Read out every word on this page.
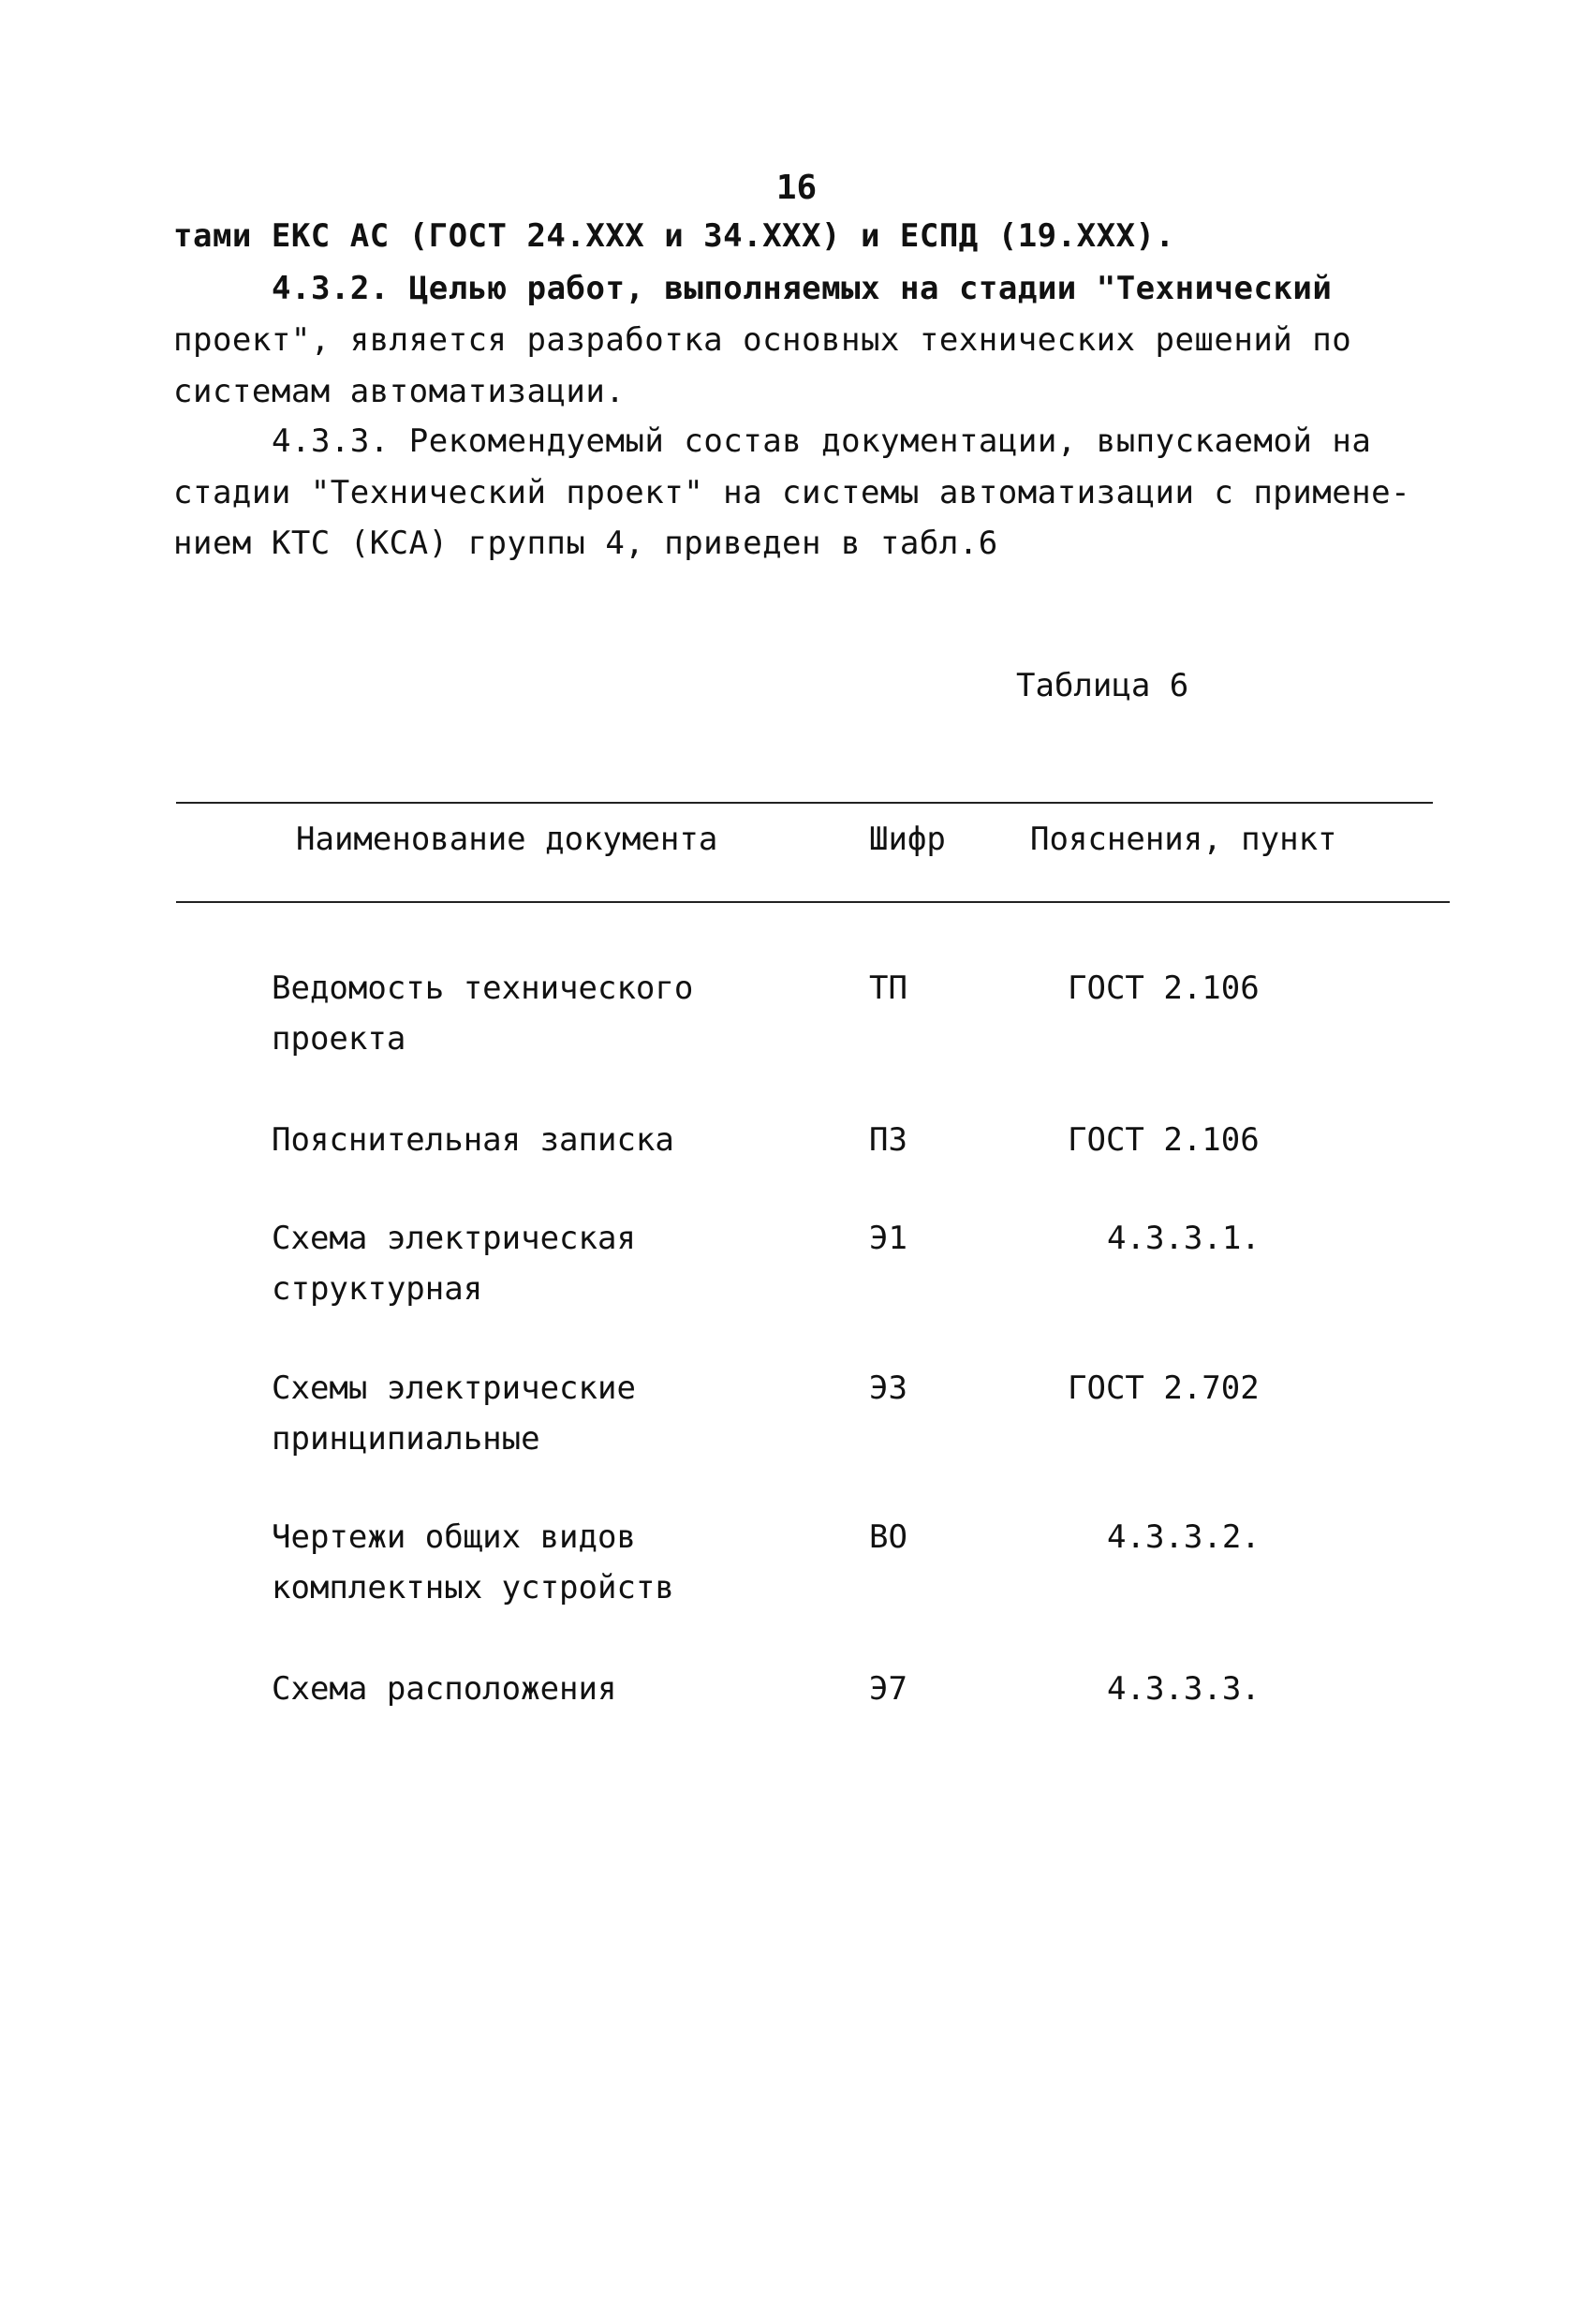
16
тами ЕКС АС (ГОСТ 24.XXX и 34.XXX) и ЕСПД (19.XXX).
4.3.2. Целью работ, выполняемых на стадии "Технический
проект", является разработка основных технических решений по
системам автоматизации.
4.3.3. Рекомендуемый состав документации, выпускаемой на
стадии "Технический проект" на системы автоматизации с примене-
нием КТС (КСА) группы 4, приведен в табл.6
Таблица 6
Наименование документа	Шифр	Пояснения, пункт
Ведомость технического
проекта
ТП	ГОСТ 2.106
Пояснительная записка	ПЗ	ГОСТ 2.106
Схема электрическая
структурная
Э1	4.3.3.1.
Схемы электрические
принципиальные
Э3	ГОСТ 2.702
Чертежи общих видов
комплектных устройств
ВО	4.3.3.2.
Схема расположения	Э7	4.3.3.3.
